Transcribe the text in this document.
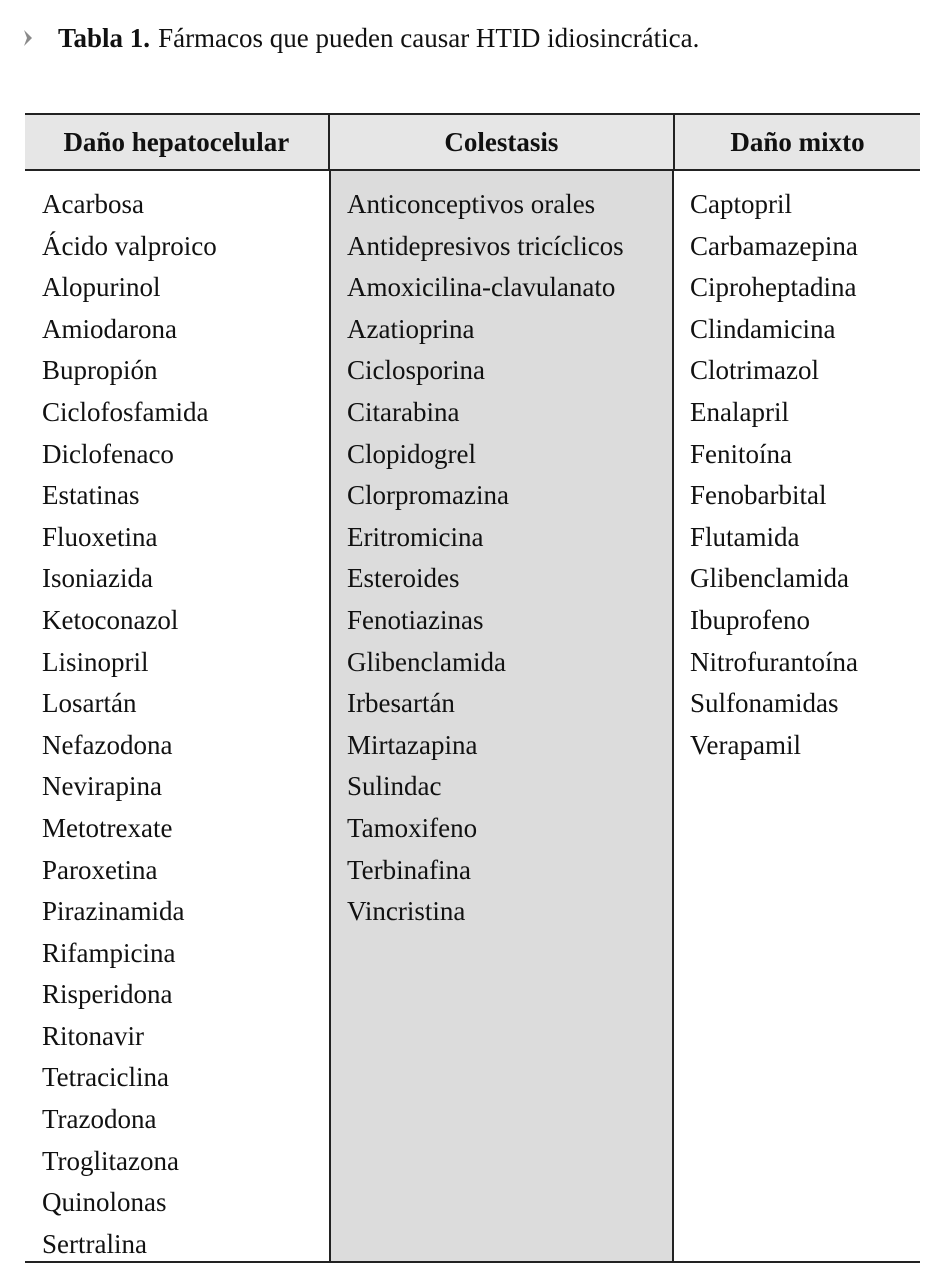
Tabla 1. Fármacos que pueden causar HTID idiosincrática.
Daño hepatocelular	Colestasis	Daño mixto
Acarbosa
Ácido valproico
Alopurinol
Amiodarona
Bupropión
Ciclofosfamida
Diclofenaco
Estatinas
Fluoxetina
Isoniazida
Ketoconazol
Lisinopril
Losartán
Nefazodona
Nevirapina
Metotrexate
Paroxetina
Pirazinamida
Rifampicina
Risperidona
Ritonavir
Tetraciclina
Trazodona
Troglitazona
Quinolonas
Sertralina
Anticonceptivos orales
Antidepresivos tricíclicos
Amoxicilina-clavulanato
Azatioprina
Ciclosporina
Citarabina
Clopidogrel
Clorpromazina
Eritromicina
Esteroides
Fenotiazinas
Glibenclamida
Irbesartán
Mirtazapina
Sulindac
Tamoxifeno
Terbinafina
Vincristina
Captopril
Carbamazepina
Ciproheptadina
Clindamicina
Clotrimazol
Enalapril
Fenitoína
Fenobarbital
Flutamida
Glibenclamida
Ibuprofeno
Nitrofurantoína
Sulfonamidas
Verapamil
